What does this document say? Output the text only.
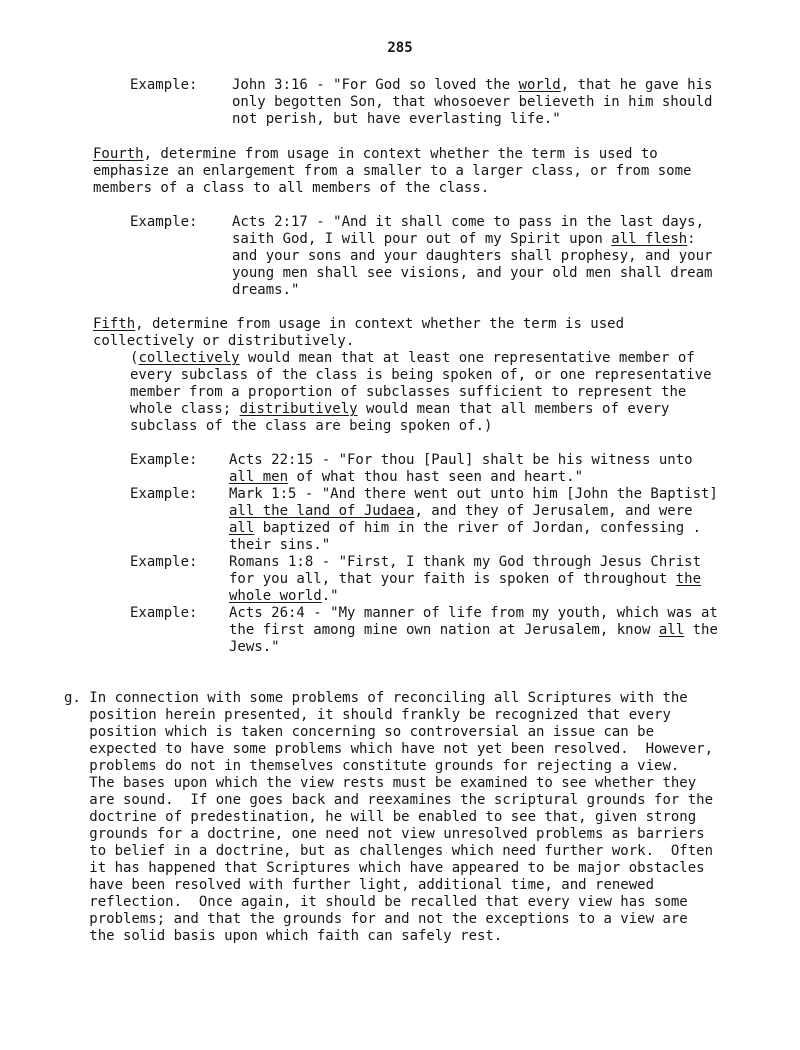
285
Example: John 3:16 - "For God so loved the world, that he gave his
only begotten Son, that whosoever believeth in him should
not perish, but have everlasting life."
Fourth, determine from usage in context whether the term is used to
emphasize an enlargement from a smaller to a larger class, or from some
members of a class to all members of the class.
Example: Acts 2:17 - "And it shall come to pass in the last days,
saith God, I will pour out of my Spirit upon all flesh:
and your sons and your daughters shall prophesy, and your
young men shall see visions, and your old men shall dream
dreams."
Fifth, determine from usage in context whether the term is used
collectively or distributively.
(collectively would mean that at least one representative member of
every subclass of the class is being spoken of, or one representative
member from a proportion of subclasses sufficient to represent the
whole class; distributively would mean that all members of every
subclass of the class are being spoken of.)
Example: Acts 22:15 - "For thou [Paul] shalt be his witness unto
all men of what thou hast seen and heart."
Example: Mark 1:5 - "And there went out unto him [John the Baptist]
all the land of Judaea, and they of Jerusalem, and were
all baptized of him in the river of Jordan, confessing .
their sins."
Example: Romans 1:8 - "First, I thank my God through Jesus Christ
for you all, that your faith is spoken of throughout the
whole world."
Example: Acts 26:4 - "My manner of life from my youth, which was at
the first among mine own nation at Jerusalem, know all the
Jews."
g. In connection with some problems of reconciling all Scriptures with the
position herein presented, it should frankly be recognized that every
position which is taken concerning so controversial an issue can be
expected to have some problems which have not yet been resolved.  However,
problems do not in themselves constitute grounds for rejecting a view.
The bases upon which the view rests must be examined to see whether they
are sound.  If one goes back and reexamines the scriptural grounds for the
doctrine of predestination, he will be enabled to see that, given strong
grounds for a doctrine, one need not view unresolved problems as barriers
to belief in a doctrine, but as challenges which need further work.  Often
it has happened that Scriptures which have appeared to be major obstacles
have been resolved with further light, additional time, and renewed
reflection.  Once again, it should be recalled that every view has some
problems; and that the grounds for and not the exceptions to a view are
the solid basis upon which faith can safely rest.
